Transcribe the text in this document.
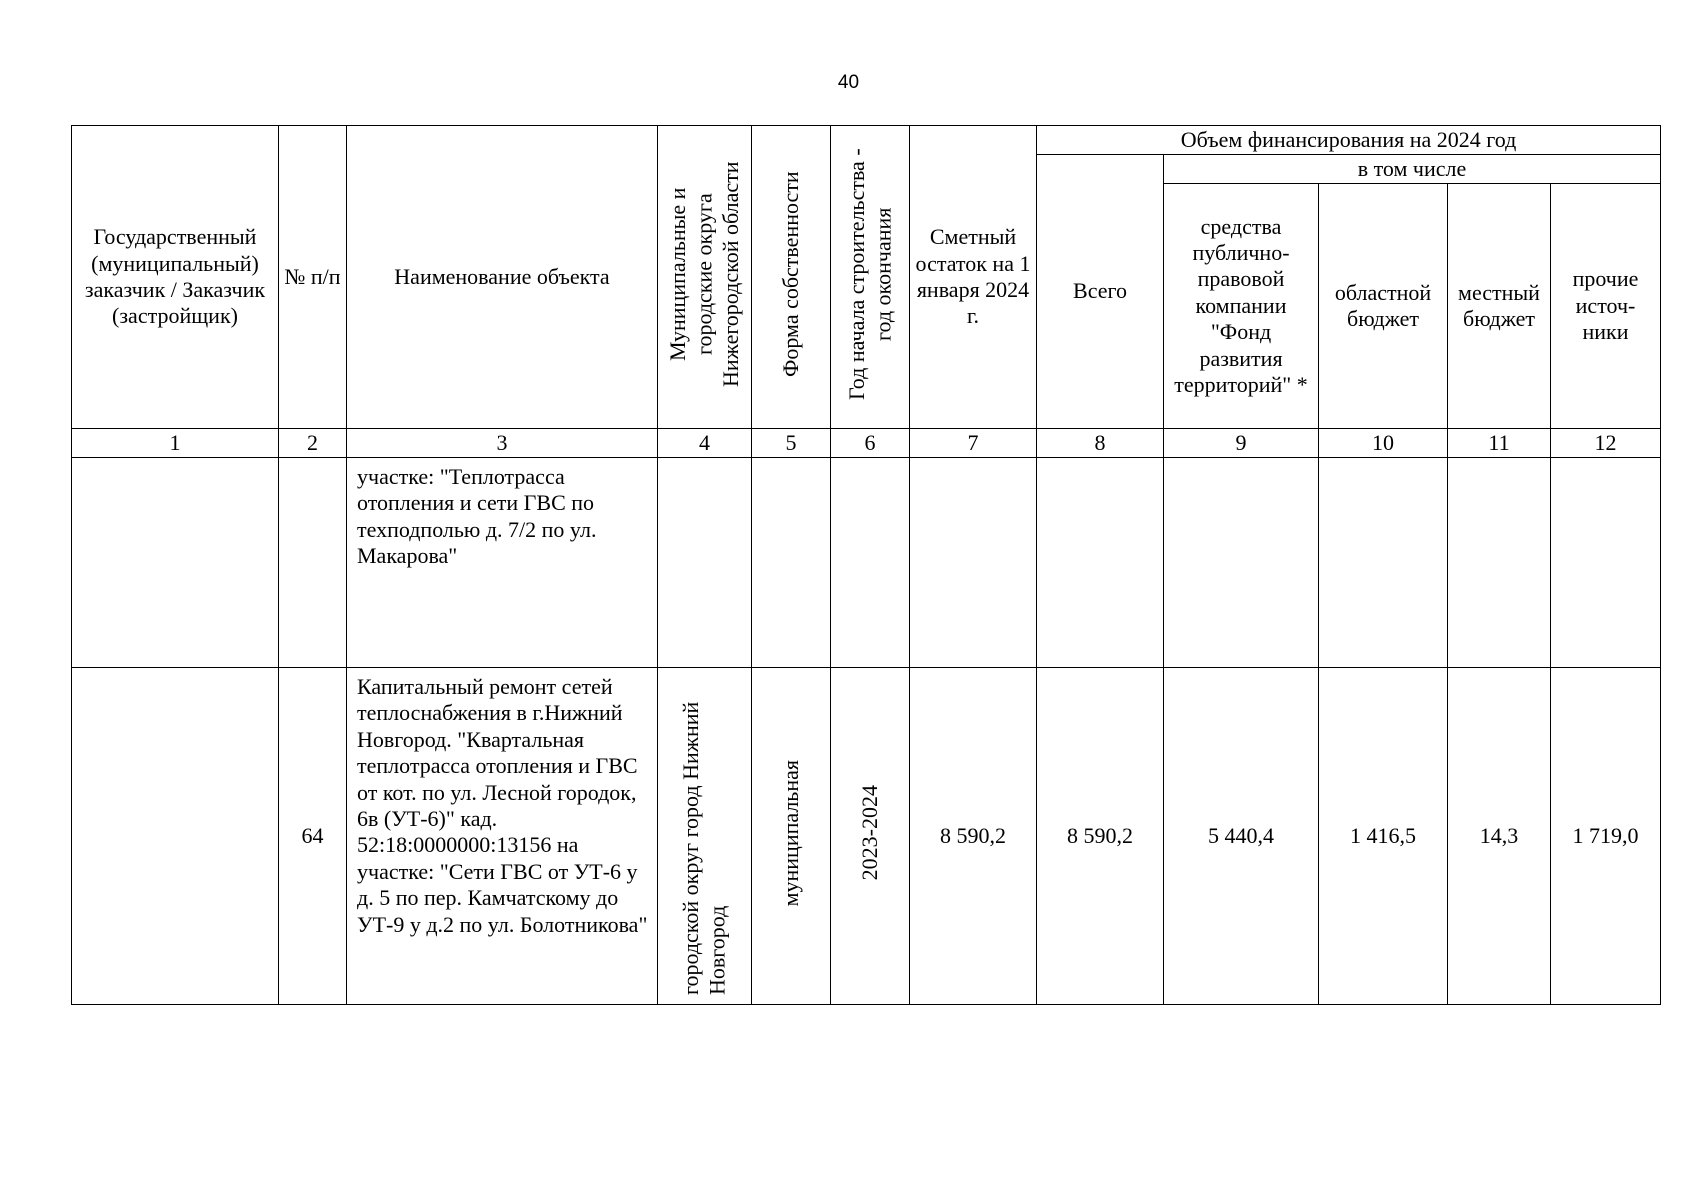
40
Государственный (муниципальный) заказчик / Заказчик (застройщик)	№ п/п	Наименование объекта	Муниципальные и городские округа Нижегородской области	Форма собственности	Год начала строительства - год окончания	Сметный остаток на 1 января 2024 г.	Объем финансирования на 2024 год				
							Всего	в том числе			

								средства публично-правовой компании "Фонд развития территорий" *	областной бюджет	местный бюджет	прочие источ-ники

1	2	3	4	5	6	7	8	9	10	11	12
		участке: "Теплотрасса отопления и сети ГВС по техподполью д. 7/2 по ул. Макарова"									
	64	Капитальный ремонт сетей теплоснабжения в г.Нижний Новгород. "Квартальная теплотрасса отопления и ГВС от кот. по ул. Лесной городок, 6в (УТ-6)" кад. 52:18:0000000:13156 на участке: "Сети ГВС от УТ-6 у д. 5 по пер. Камчатскому до УТ-9 у д.2 по ул. Болотникова"	городской округ город Нижний Новгород	муниципальная	2023-2024	8 590,2	8 590,2	5 440,4	1 416,5	14,3	1 719,0
